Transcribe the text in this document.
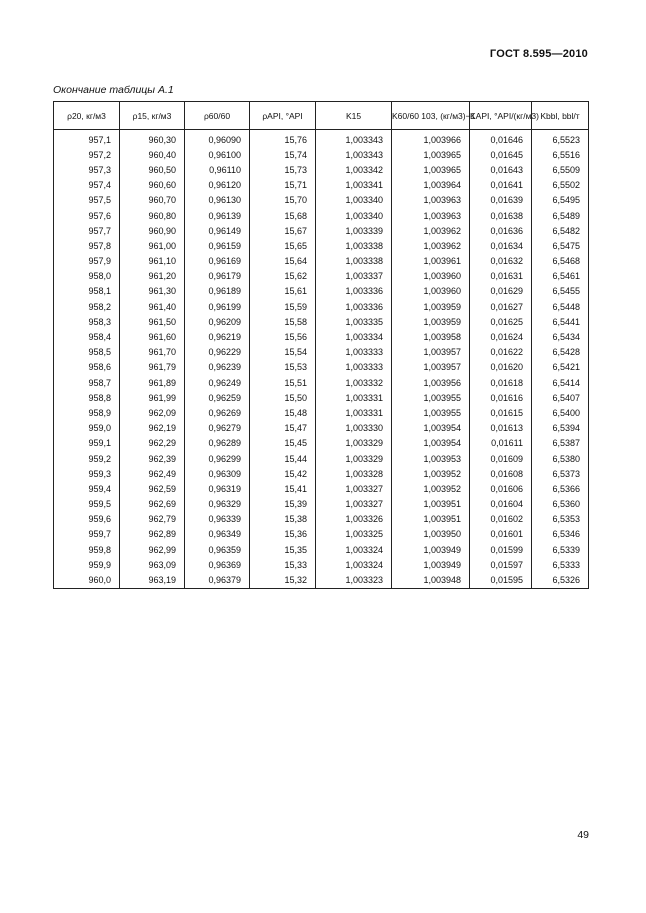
ГОСТ 8.595—2010
Окончание таблицы А.1
ρ20, кг/м3	ρ15, кг/м3	ρ60/60	ρAPI, °API	K15	K60/60 103, (кг/м3)−1	KAPI, °API/(кг/м3)	Kbbl, bbl/т
957,1	960,30	0,96090	15,76	1,003343	1,003966	0,01646	6,5523
957,2	960,40	0,96100	15,74	1,003343	1,003965	0,01645	6,5516
957,3	960,50	0,96110	15,73	1,003342	1,003965	0,01643	6,5509
957,4	960,60	0,96120	15,71	1,003341	1,003964	0,01641	6,5502
957,5	960,70	0,96130	15,70	1,003340	1,003963	0,01639	6,5495
957,6	960,80	0,96139	15,68	1,003340	1,003963	0,01638	6,5489
957,7	960,90	0,96149	15,67	1,003339	1,003962	0,01636	6,5482
957,8	961,00	0,96159	15,65	1,003338	1,003962	0,01634	6,5475
957,9	961,10	0,96169	15,64	1,003338	1,003961	0,01632	6,5468
958,0	961,20	0,96179	15,62	1,003337	1,003960	0,01631	6,5461
958,1	961,30	0,96189	15,61	1,003336	1,003960	0,01629	6,5455
958,2	961,40	0,96199	15,59	1,003336	1,003959	0,01627	6,5448
958,3	961,50	0,96209	15,58	1,003335	1,003959	0,01625	6,5441
958,4	961,60	0,96219	15,56	1,003334	1,003958	0,01624	6,5434
958,5	961,70	0,96229	15,54	1,003333	1,003957	0,01622	6,5428
958,6	961,79	0,96239	15,53	1,003333	1,003957	0,01620	6,5421
958,7	961,89	0,96249	15,51	1,003332	1,003956	0,01618	6,5414
958,8	961,99	0,96259	15,50	1,003331	1,003955	0,01616	6,5407
958,9	962,09	0,96269	15,48	1,003331	1,003955	0,01615	6,5400
959,0	962,19	0,96279	15,47	1,003330	1,003954	0,01613	6,5394
959,1	962,29	0,96289	15,45	1,003329	1,003954	0,01611	6,5387
959,2	962,39	0,96299	15,44	1,003329	1,003953	0,01609	6,5380
959,3	962,49	0,96309	15,42	1,003328	1,003952	0,01608	6,5373
959,4	962,59	0,96319	15,41	1,003327	1,003952	0,01606	6,5366
959,5	962,69	0,96329	15,39	1,003327	1,003951	0,01604	6,5360
959,6	962,79	0,96339	15,38	1,003326	1,003951	0,01602	6,5353
959,7	962,89	0,96349	15,36	1,003325	1,003950	0,01601	6,5346
959,8	962,99	0,96359	15,35	1,003324	1,003949	0,01599	6,5339
959,9	963,09	0,96369	15,33	1,003324	1,003949	0,01597	6,5333
960,0	963,19	0,96379	15,32	1,003323	1,003948	0,01595	6,5326
49
